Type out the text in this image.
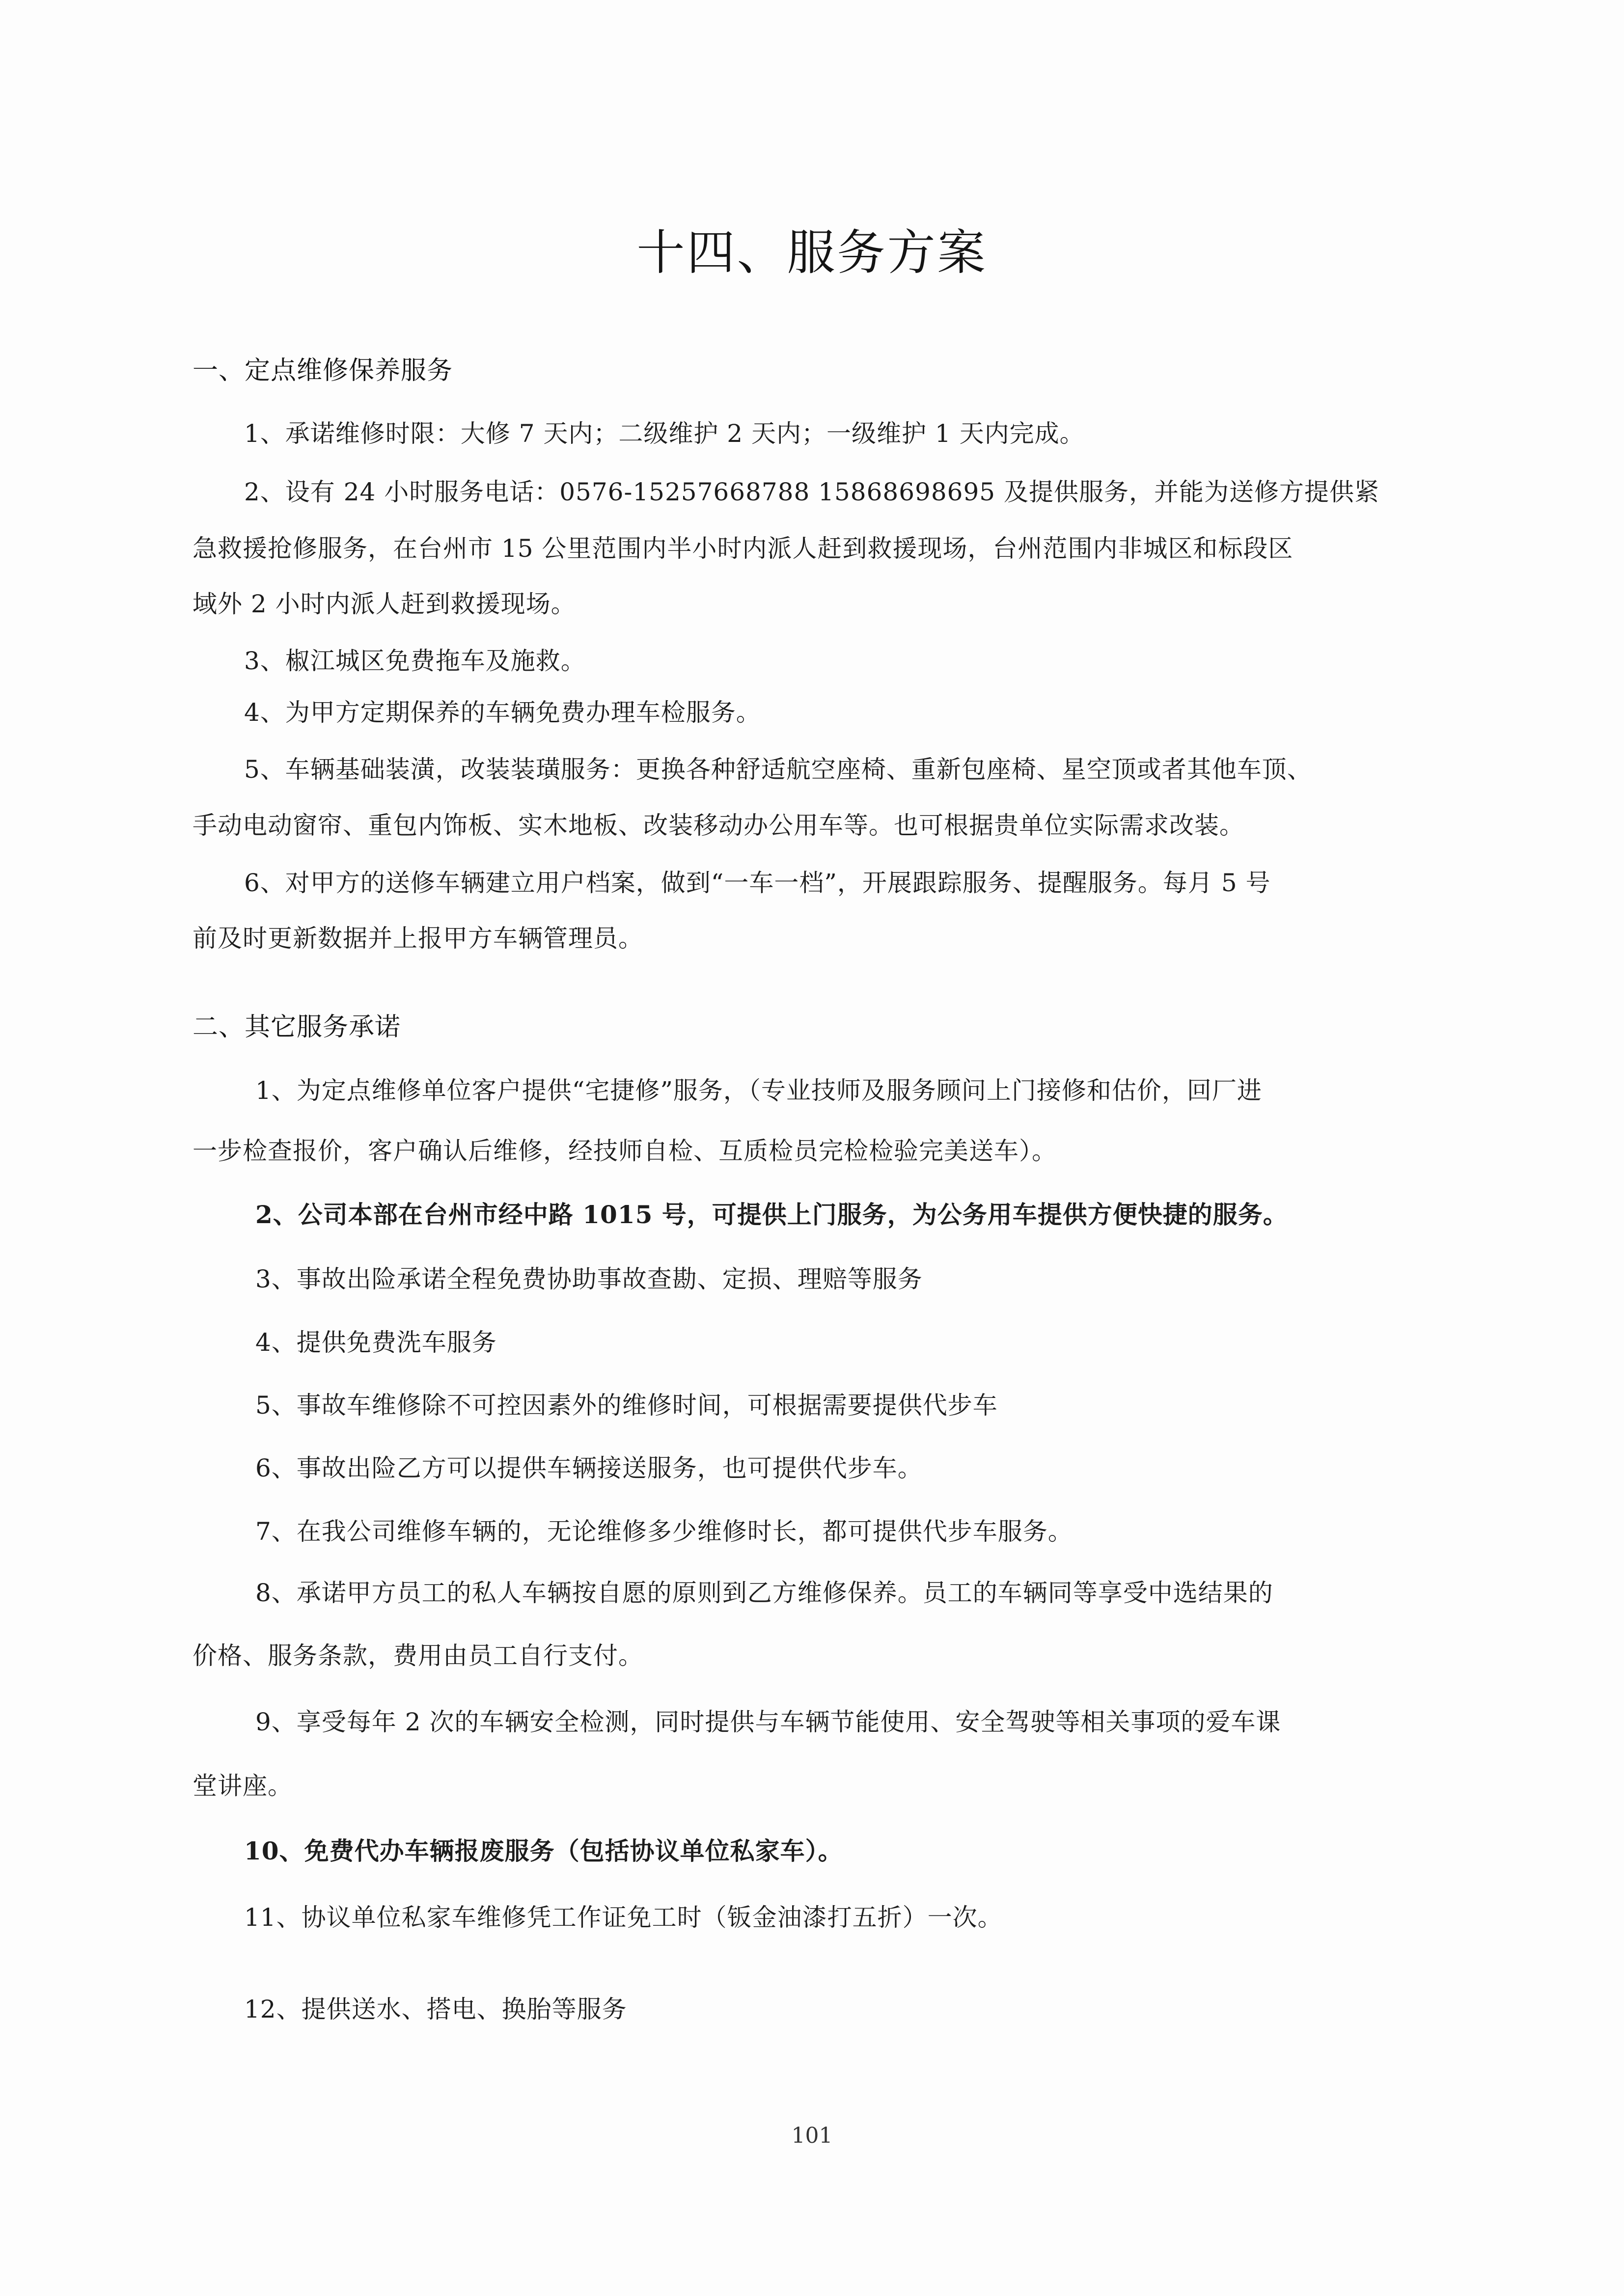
十四、服务方案
一、定点维修保养服务
1、承诺维修时限：大修 7 天内；二级维护 2 天内；一级维护 1 天内完成。
2、设有 24 小时服务电话：0576-15257668788 15868698695 及提供服务，并能为送修方提供紧
急救援抢修服务，在台州市 15 公里范围内半小时内派人赶到救援现场，台州范围内非城区和标段区
域外 2 小时内派人赶到救援现场。
3、椒江城区免费拖车及施救。
4、为甲方定期保养的车辆免费办理车检服务。
5、车辆基础装潢，改装装璜服务：更换各种舒适航空座椅、重新包座椅、星空顶或者其他车顶、
手动电动窗帘、重包内饰板、实木地板、改装移动办公用车等。也可根据贵单位实际需求改装。
6、对甲方的送修车辆建立用户档案，做到“一车一档”，开展跟踪服务、提醒服务。每月 5 号
前及时更新数据并上报甲方车辆管理员。
二、其它服务承诺
1、为定点维修单位客户提供“宅捷修”服务，（专业技师及服务顾问上门接修和估价，回厂进
一步检查报价，客户确认后维修，经技师自检、互质检员完检检验完美送车）。
2、公司本部在台州市经中路 1015 号，可提供上门服务，为公务用车提供方便快捷的服务。
3、事故出险承诺全程免费协助事故查勘、定损、理赔等服务
4、提供免费洗车服务
5、事故车维修除不可控因素外的维修时间，可根据需要提供代步车
6、事故出险乙方可以提供车辆接送服务，也可提供代步车。
7、在我公司维修车辆的，无论维修多少维修时长，都可提供代步车服务。
8、承诺甲方员工的私人车辆按自愿的原则到乙方维修保养。员工的车辆同等享受中选结果的
价格、服务条款，费用由员工自行支付。
9、享受每年 2 次的车辆安全检测，同时提供与车辆节能使用、安全驾驶等相关事项的爱车课
堂讲座。
10、免费代办车辆报废服务（包括协议单位私家车）。
11、协议单位私家车维修凭工作证免工时（钣金油漆打五折）一次。
12、提供送水、搭电、换胎等服务
101
